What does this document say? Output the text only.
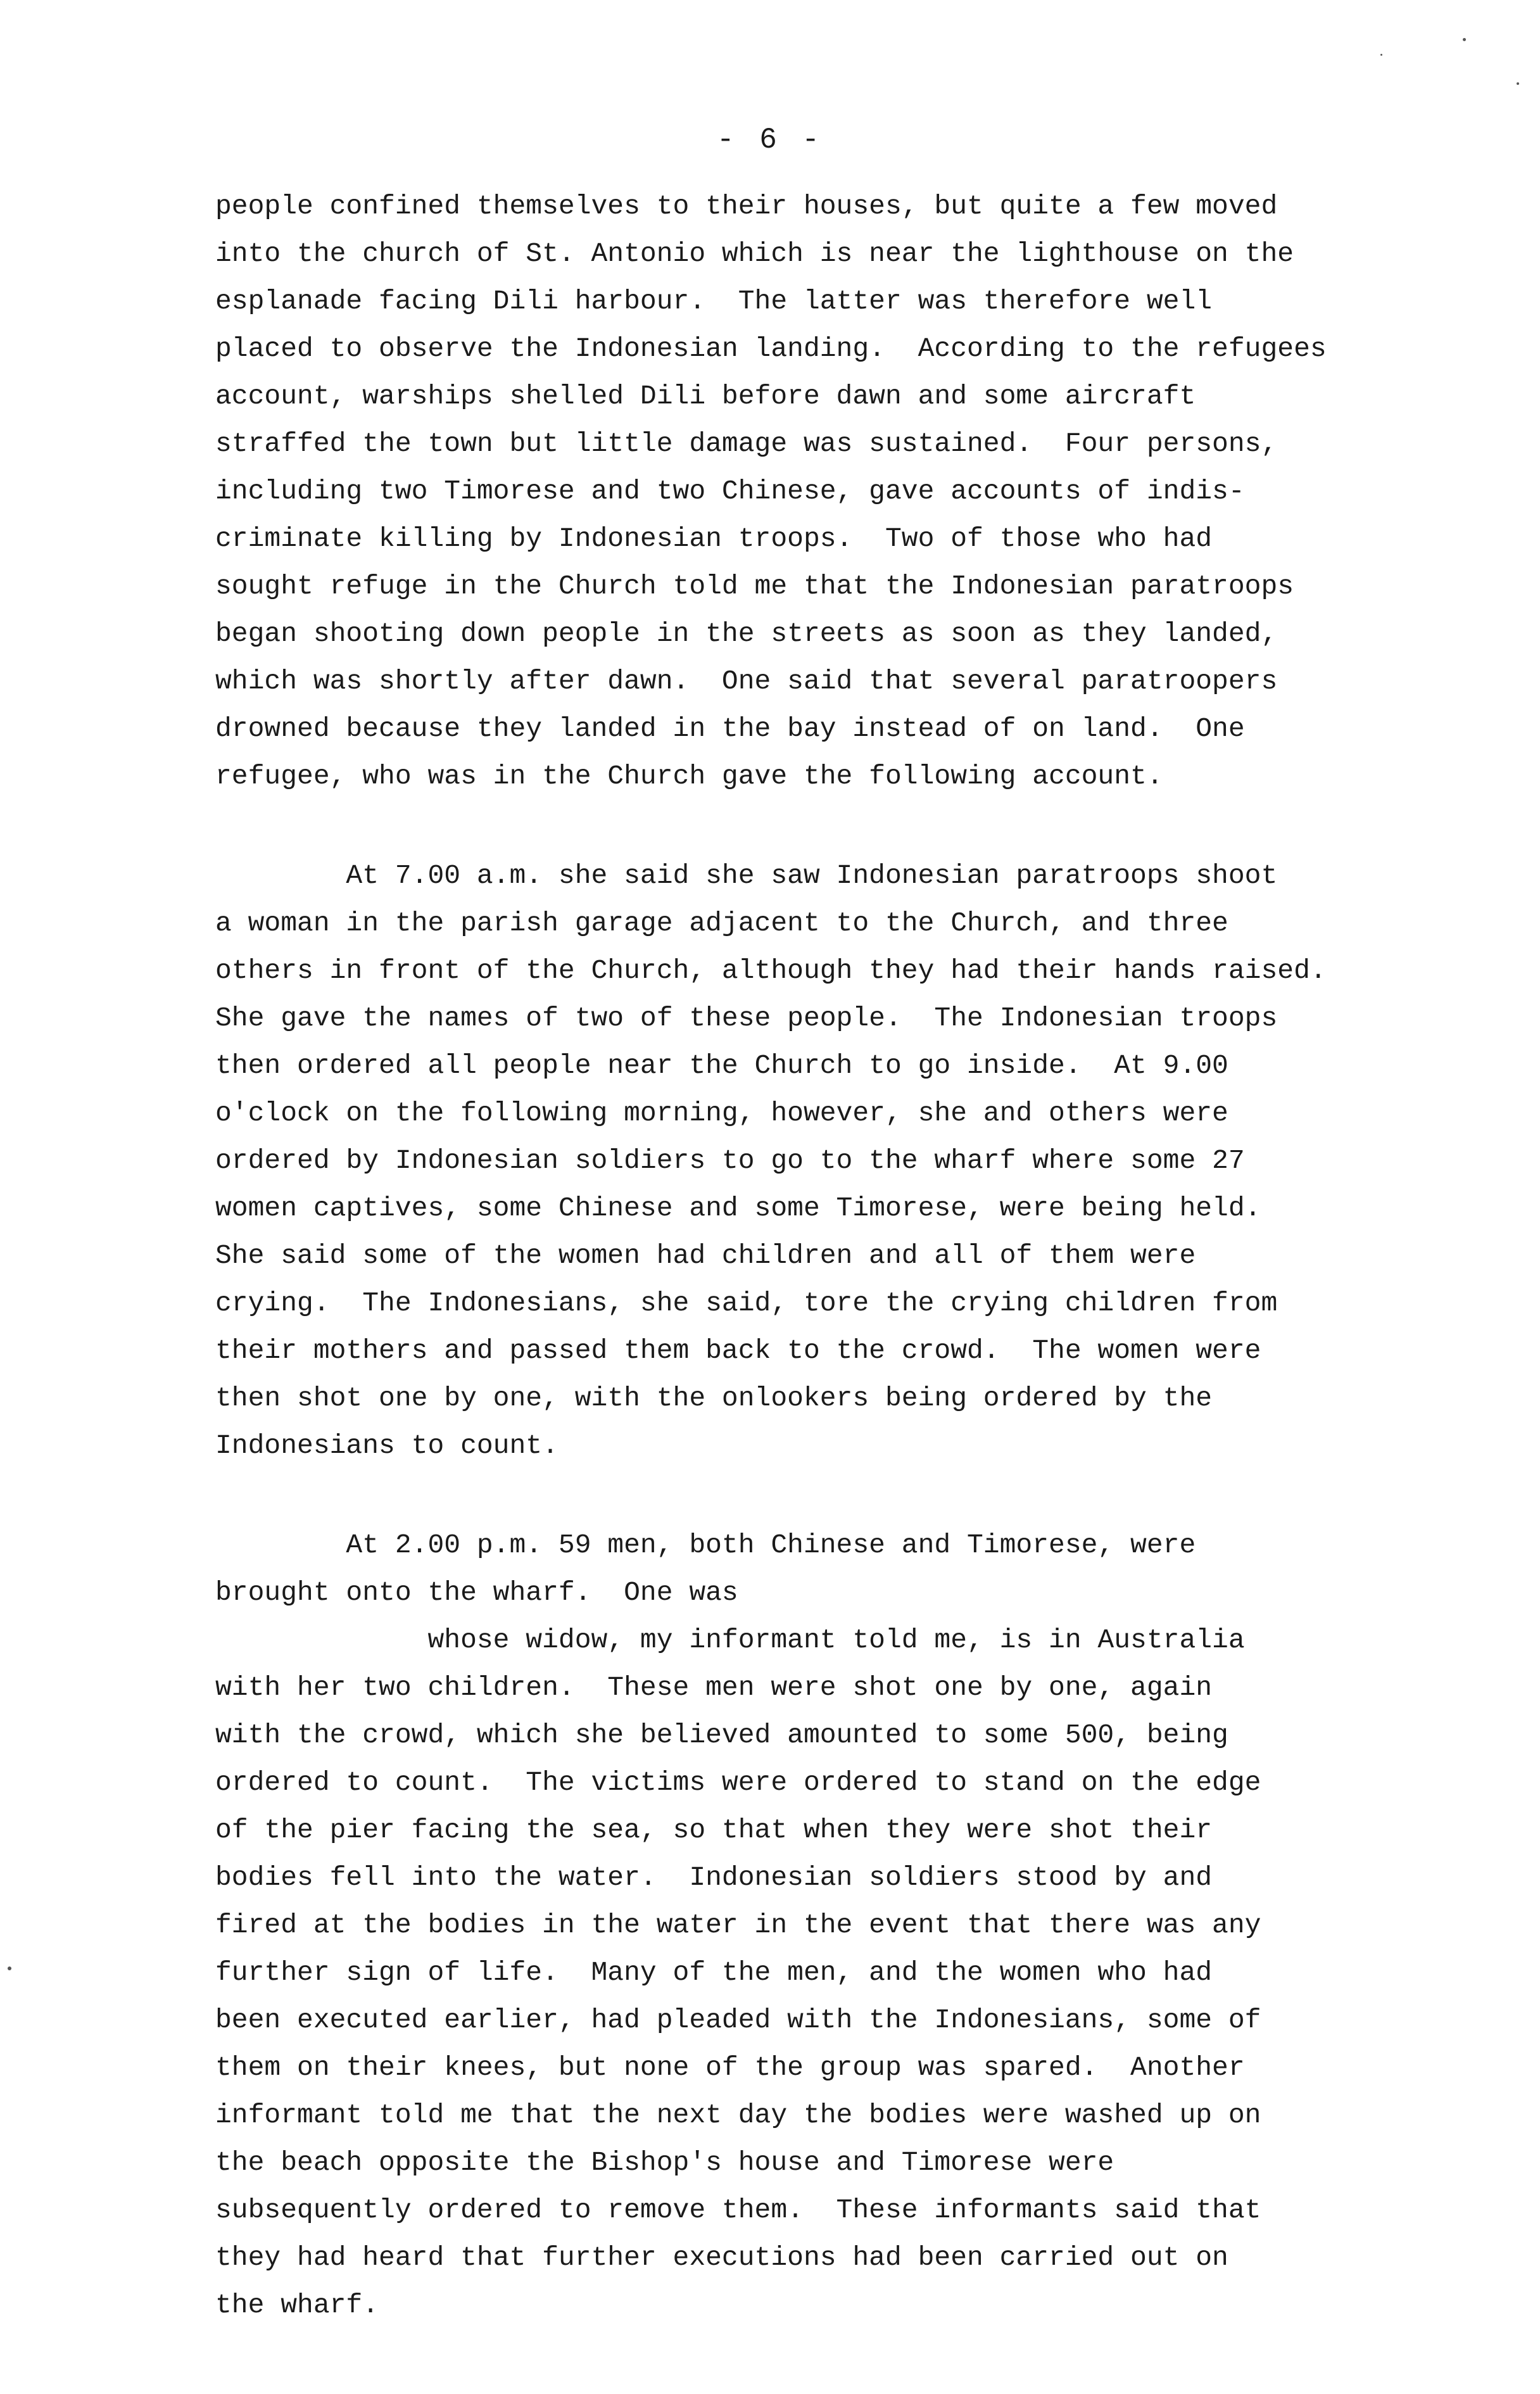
- 6 -
people confined themselves to their houses, but quite a few moved
into the church of St. Antonio which is near the lighthouse on the
esplanade facing Dili harbour.  The latter was therefore well
placed to observe the Indonesian landing.  According to the refugees
account, warships shelled Dili before dawn and some aircraft
straffed the town but little damage was sustained.  Four persons,
including two Timorese and two Chinese, gave accounts of indis-
criminate killing by Indonesian troops.  Two of those who had
sought refuge in the Church told me that the Indonesian paratroops
began shooting down people in the streets as soon as they landed,
which was shortly after dawn.  One said that several paratroopers
drowned because they landed in the bay instead of on land.  One
refugee, who was in the Church gave the following account.
At 7.00 a.m. she said she saw Indonesian paratroops shoot
a woman in the parish garage adjacent to the Church, and three
others in front of the Church, although they had their hands raised.
She gave the names of two of these people.  The Indonesian troops
then ordered all people near the Church to go inside.  At 9.00
o'clock on the following morning, however, she and others were
ordered by Indonesian soldiers to go to the wharf where some 27
women captives, some Chinese and some Timorese, were being held.
She said some of the women had children and all of them were
crying.  The Indonesians, she said, tore the crying children from
their mothers and passed them back to the crowd.  The women were
then shot one by one, with the onlookers being ordered by the
Indonesians to count.
At 2.00 p.m. 59 men, both Chinese and Timorese, were
brought onto the wharf.  One was
whose widow, my informant told me, is in Australia
with her two children.  These men were shot one by one, again
with the crowd, which she believed amounted to some 500, being
ordered to count.  The victims were ordered to stand on the edge
of the pier facing the sea, so that when they were shot their
bodies fell into the water.  Indonesian soldiers stood by and
fired at the bodies in the water in the event that there was any
further sign of life.  Many of the men, and the women who had
been executed earlier, had pleaded with the Indonesians, some of
them on their knees, but none of the group was spared.  Another
informant told me that the next day the bodies were washed up on
the beach opposite the Bishop's house and Timorese were
subsequently ordered to remove them.  These informants said that
they had heard that further executions had been carried out on
the wharf.
